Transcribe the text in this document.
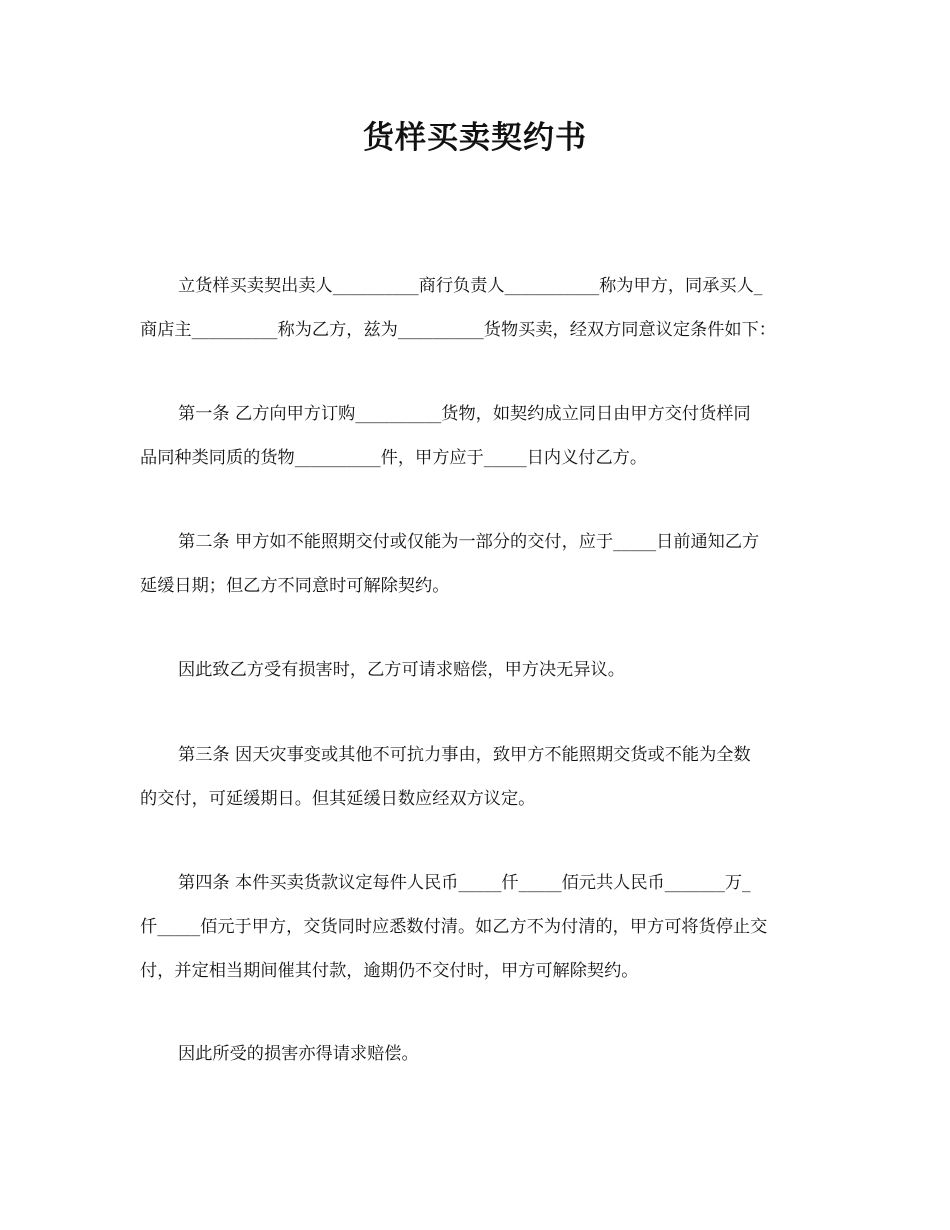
货样买卖契约书
立货样买卖契出卖人__________商行负责人___________称为甲方，同承买人_
商店主__________称为乙方，兹为__________货物买卖，经双方同意议定条件如下：
第一条 乙方向甲方订购__________货物，如契约成立同日由甲方交付货样同
品同种类同质的货物__________件，甲方应于_____日内义付乙方。
第二条 甲方如不能照期交付或仅能为一部分的交付，应于_____日前通知乙方
延缓日期；但乙方不同意时可解除契约。
因此致乙方受有损害时，乙方可请求赔偿，甲方决无异议。
第三条 因天灾事变或其他不可抗力事由，致甲方不能照期交货或不能为全数
的交付，可延缓期日。但其延缓日数应经双方议定。
第四条 本件买卖货款议定每件人民币_____仟_____佰元共人民币_______万_
仟_____佰元于甲方，交货同时应悉数付清。如乙方不为付清的，甲方可将货停止交
付，并定相当期间催其付款，逾期仍不交付时，甲方可解除契约。
因此所受的损害亦得请求赔偿。
